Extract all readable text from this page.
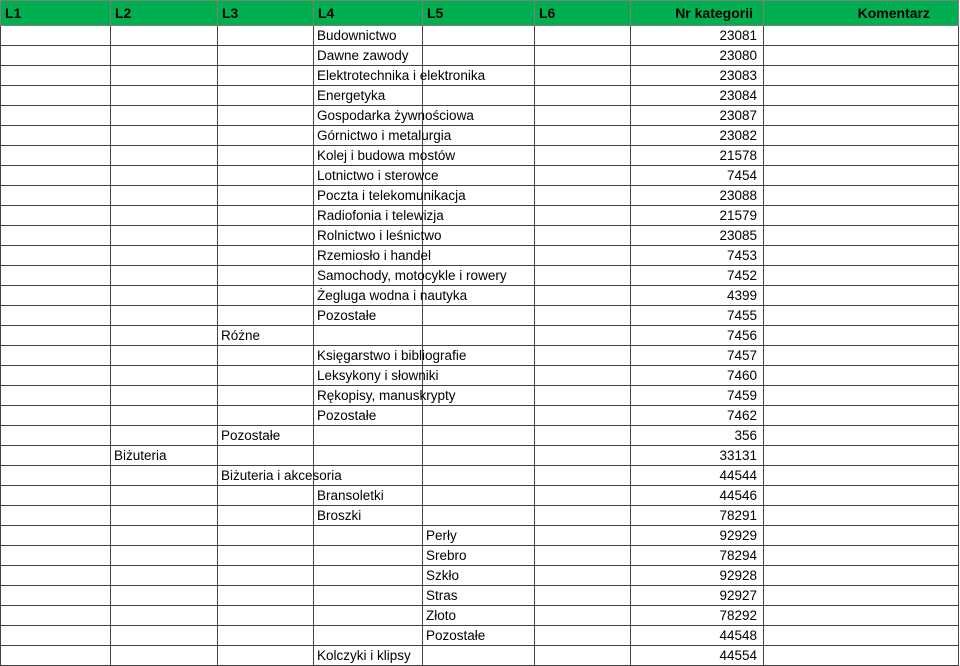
L1	L2	L3	L4	L5	L6	Nr kategorii	Komentarz
			Budownictwo			23081	
			Dawne zawody			23080	
			Elektrotechnika i elektronika			23083	
			Energetyka			23084	
			Gospodarka żywnościowa			23087	
			Górnictwo i metalurgia			23082	
			Kolej i budowa mostów			21578	
			Lotnictwo i sterowce			7454	
			Poczta i telekomunikacja			23088	
			Radiofonia i telewizja			21579	
			Rolnictwo i leśnictwo			23085	
			Rzemiosło i handel			7453	
			Samochody, motocykle i rowery			7452	
			Żegluga wodna i nautyka			4399	
			Pozostałe			7455	
		Różne				7456	
			Księgarstwo i bibliografie			7457	
			Leksykony i słowniki			7460	
			Rękopisy, manuskrypty			7459	
			Pozostałe			7462	
		Pozostałe				356	
	Biżuteria					33131	
		Biżuteria i akcesoria				44544	
			Bransoletki			44546	
			Broszki			78291	
				Perły		92929	
				Srebro		78294	
				Szkło		92928	
				Stras		92927	
				Złoto		78292	
				Pozostałe		44548	
			Kolczyki i klipsy			44554	
